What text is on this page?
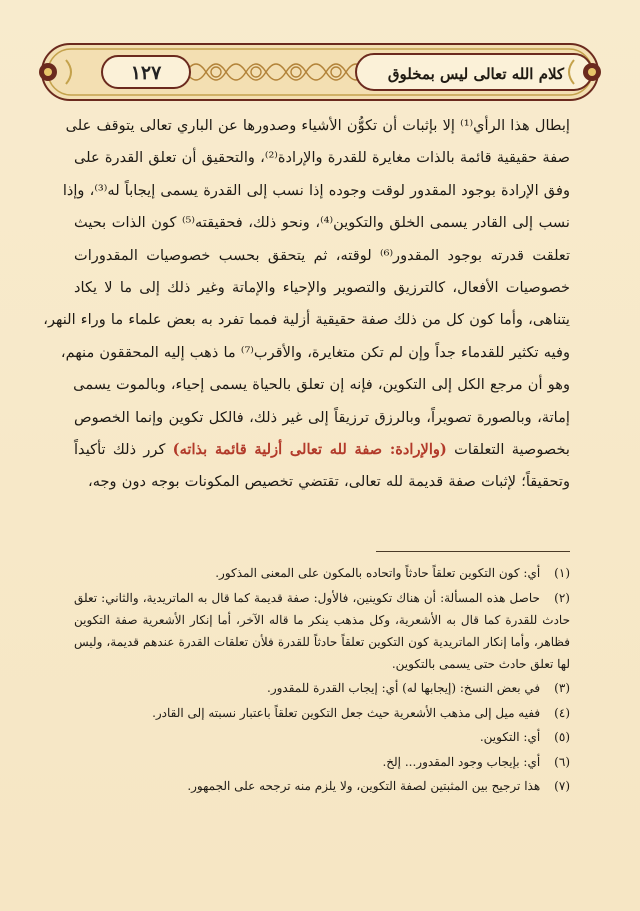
١٢٧	كلام الله تعالى ليس بمخلوق
إبطال هذا الرأي⁽¹⁾ إلا بإثبات أن تكوُّن الأشياء وصدورها عن الباري تعالى يتوقف على
صفة حقيقية قائمة بالذات مغايرة للقدرة والإرادة⁽²⁾، والتحقيق أن تعلق القدرة على
وفق الإرادة بوجود المقدور لوقت وجوده إذا نسب إلى القدرة يسمى إيجاباً له⁽³⁾، وإذا
نسب إلى القادر يسمى الخلق والتكوين⁽⁴⁾، ونحو ذلك، فحقيقته⁽⁵⁾ كون الذات بحيث
تعلقت قدرته بوجود المقدور⁽⁶⁾ لوقته، ثم يتحقق بحسب خصوصيات المقدورات
خصوصيات الأفعال، كالترزيق والتصوير والإحياء والإماتة وغير ذلك إلى ما لا يكاد
يتناهى، وأما كون كل من ذلك صفة حقيقية أزلية فمما تفرد به بعض علماء ما وراء النهر،
وفيه تكثير للقدماء جداً وإن لم تكن متغايرة، والأقرب⁽⁷⁾ ما ذهب إليه المحققون منهم،
وهو أن مرجع الكل إلى التكوين، فإنه إن تعلق بالحياة يسمى إحياء، وبالموت يسمى
إماتة، وبالصورة تصويراً، وبالرزق ترزيقاً إلى غير ذلك، فالكل تكوين وإنما الخصوص
بخصوصية التعلقات (والإرادة: صفة لله تعالى أزلية قائمة بذاته) كرر ذلك تأكيداً
وتحقيقاً؛ لإثبات صفة قديمة لله تعالى، تقتضي تخصيص المكونات بوجه دون وجه،
(١) أي: كون التكوين تعلقاً حادثاً واتحاده بالمكون على المعنى المذكور.
(٢) حاصل هذه المسألة: أن هناك تكوينين، فالأول: صفة قديمة كما قال به الماتريدية، والثاني: تعلق حادث للقدرة كما قال به الأشعرية، وكل مذهب ينكر ما قاله الآخر، أما إنكار الأشعرية صفة التكوين فظاهر، وأما إنكار الماتريدية كون التكوين تعلقاً حادثاً للقدرة فلأن تعلقات القدرة عندهم قديمة، وليس لها تعلق حادث حتى يسمى بالتكوين.
(٣) في بعض النسخ: (إيجابها له) أي: إيجاب القدرة للمقدور.
(٤) ففيه ميل إلى مذهب الأشعرية حيث جعل التكوين تعلقاً باعتبار نسبته إلى القادر.
(٥) أي: التكوين.
(٦) أي: بإيجاب وجود المقدور... إلخ.
(٧) هذا ترجيح بين المثبتين لصفة التكوين، ولا يلزم منه ترجحه على الجمهور.
